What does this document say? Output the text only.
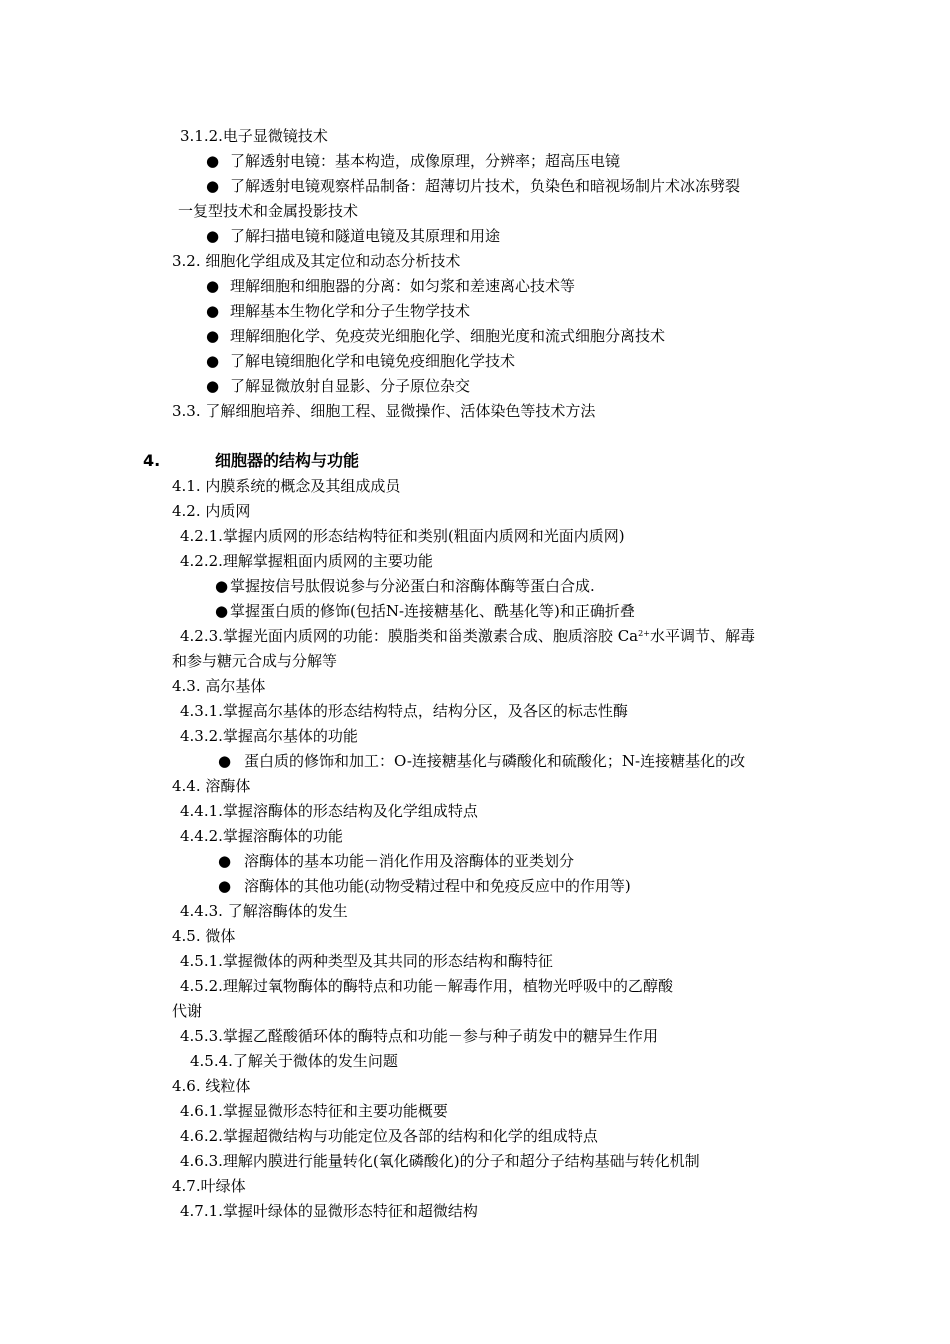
3.1.2.电子显微镜技术
● 了解透射电镜：基本构造，成像原理，分辨率；超高压电镜
● 了解透射电镜观察样品制备：超薄切片技术，负染色和暗视场制片术冰冻劈裂
一复型技术和金属投影技术
● 了解扫描电镜和隧道电镜及其原理和用途
3.2. 细胞化学组成及其定位和动态分析技术
● 理解细胞和细胞器的分离：如匀浆和差速离心技术等
● 理解基本生物化学和分子生物学技术
● 理解细胞化学、免疫荧光细胞化学、细胞光度和流式细胞分离技术
● 了解电镜细胞化学和电镜免疫细胞化学技术
● 了解显微放射自显影、分子原位杂交
3.3. 了解细胞培养、细胞工程、显微操作、活体染色等技术方法
4.	细胞器的结构与功能
4.1. 内膜系统的概念及其组成成员
4.2. 内质网
4.2.1.掌握内质网的形态结构特征和类别(粗面内质网和光面内质网)
4.2.2.理解掌握粗面内质网的主要功能
● 掌握按信号肽假说参与分泌蛋白和溶酶体酶等蛋白合成.
● 掌握蛋白质的修饰(包括N-连接糖基化、酰基化等)和正确折叠
4.2.3.掌握光面内质网的功能：膜脂类和甾类激素合成、胞质溶胶 $Ca^{2+}$水平调节、解毒
和参与糖元合成与分解等
4.3. 高尔基体
4.3.1.掌握高尔基体的形态结构特点，结构分区，及各区的标志性酶
4.3.2.掌握高尔基体的功能
● 蛋白质的修饰和加工：O-连接糖基化与磷酸化和硫酸化；N-连接糖基化的改
4.4. 溶酶体
4.4.1.掌握溶酶体的形态结构及化学组成特点
4.4.2.掌握溶酶体的功能
● 溶酶体的基本功能－消化作用及溶酶体的亚类划分
● 溶酶体的其他功能(动物受精过程中和免疫反应中的作用等)
4.4.3. 了解溶酶体的发生
4.5. 微体
4.5.1.掌握微体的两种类型及其共同的形态结构和酶特征
4.5.2.理解过氧物酶体的酶特点和功能－解毒作用，植物光呼吸中的乙醇酸
代谢
4.5.3.掌握乙醛酸循环体的酶特点和功能－参与种子萌发中的糖异生作用
4.5.4.了解关于微体的发生问题
4.6. 线粒体
4.6.1.掌握显微形态特征和主要功能概要
4.6.2.掌握超微结构与功能定位及各部的结构和化学的组成特点
4.6.3.理解内膜进行能量转化(氧化磷酸化)的分子和超分子结构基础与转化机制
4.7.叶绿体
4.7.1.掌握叶绿体的显微形态特征和超微结构
